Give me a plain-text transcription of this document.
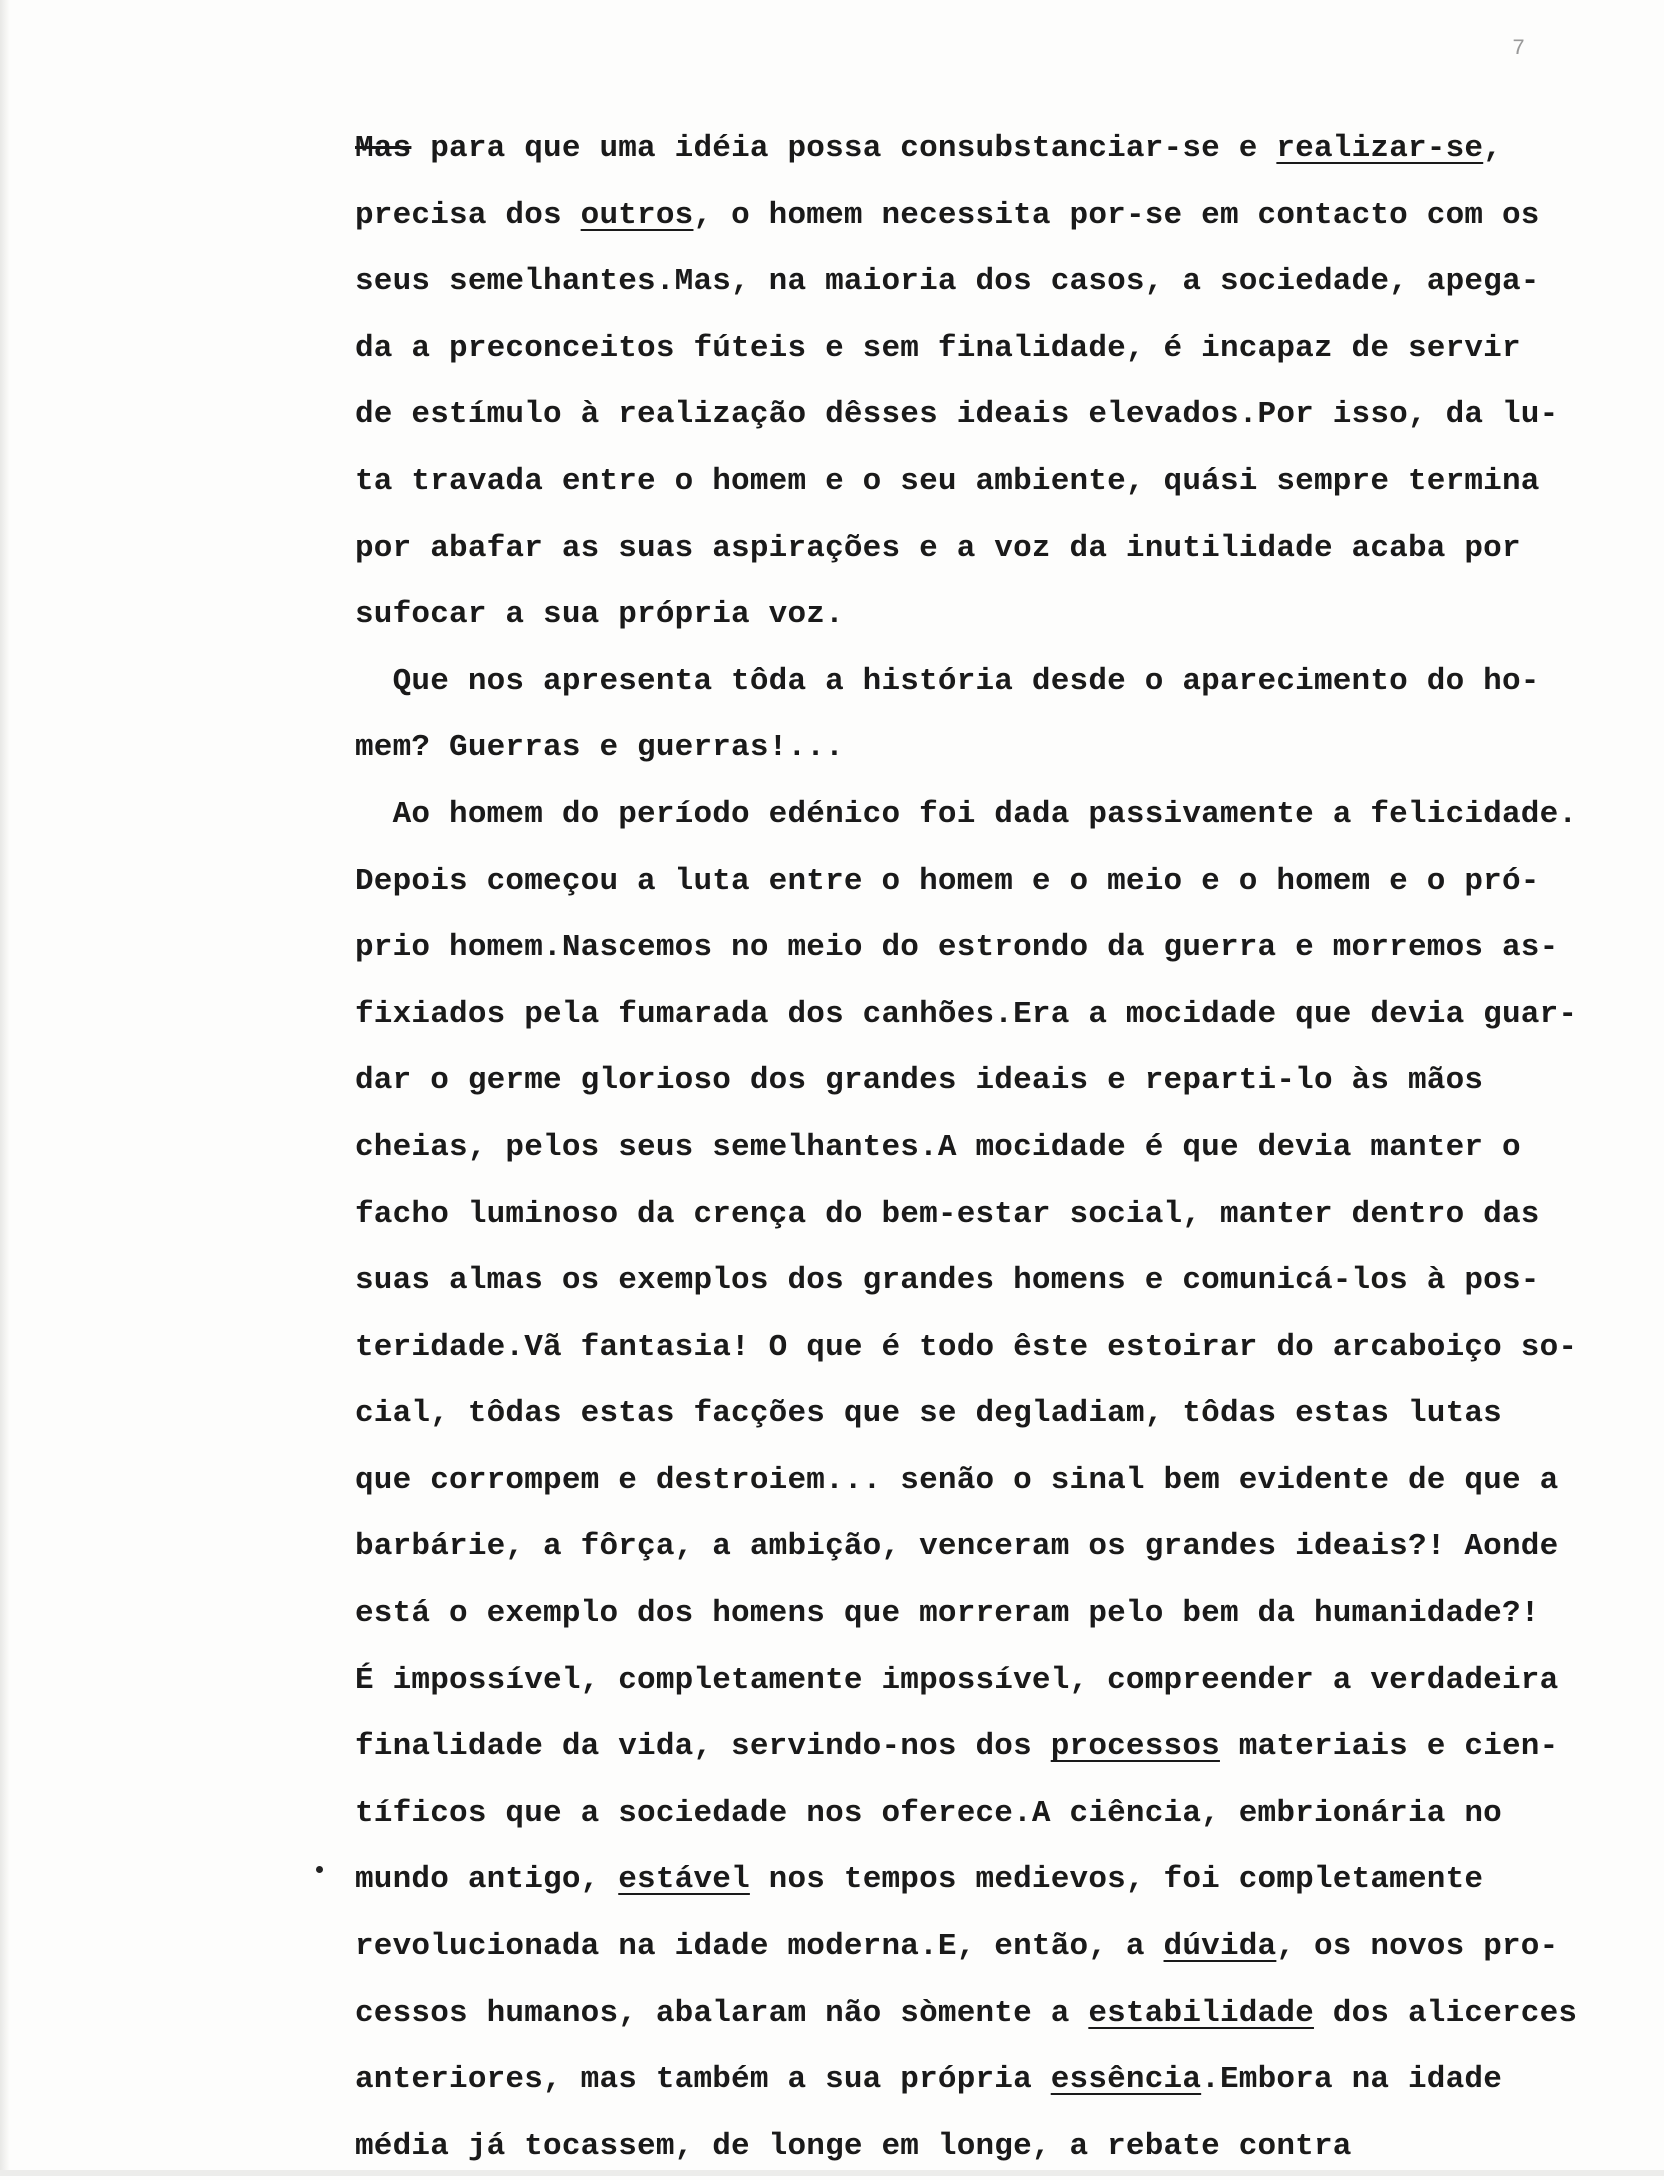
7
Mas para que uma idéia possa consubstanciar-se e realizar-se,
precisa dos outros, o homem necessita por-se em contacto com os
seus semelhantes.Mas, na maioria dos casos, a sociedade, apega-
da a preconceitos fúteis e sem finalidade, é incapaz de servir
de estímulo à realização dêsses ideais elevados.Por isso, da lu-
ta travada entre o homem e o seu ambiente, quási sempre termina
por abafar as suas aspirações e a voz da inutilidade acaba por
sufocar a sua própria voz.
Que nos apresenta tôda a história desde o aparecimento do ho-
mem? Guerras e guerras!...
Ao homem do período edénico foi dada passivamente a felicidade.
Depois começou a luta entre o homem e o meio e o homem e o pró-
prio homem.Nascemos no meio do estrondo da guerra e morremos as-
fixiados pela fumarada dos canhões.Era a mocidade que devia guar-
dar o germe glorioso dos grandes ideais e reparti-lo às mãos
cheias, pelos seus semelhantes.A mocidade é que devia manter o
facho luminoso da crença do bem-estar social, manter dentro das
suas almas os exemplos dos grandes homens e comunicá-los à pos-
teridade.Vã fantasia! O que é todo êste estoirar do arcaboiço so-
cial, tôdas estas facções que se degladiam, tôdas estas lutas
que corrompem e destroiem... senão o sinal bem evidente de que a
barbárie, a fôrça, a ambição, venceram os grandes ideais?! Aonde
está o exemplo dos homens que morreram pelo bem da humanidade?!
É impossível, completamente impossível, compreender a verdadeira
finalidade da vida, servindo-nos dos processos materiais e cien-
tíficos que a sociedade nos oferece.A ciência, embrionária no
mundo antigo, estável nos tempos medievos, foi completamente
revolucionada na idade moderna.E, então, a dúvida, os novos pro-
cessos humanos, abalaram não sòmente a estabilidade dos alicerces
anteriores, mas também a sua própria essência.Embora na idade
média já tocassem, de longe em longe, a rebate contra
